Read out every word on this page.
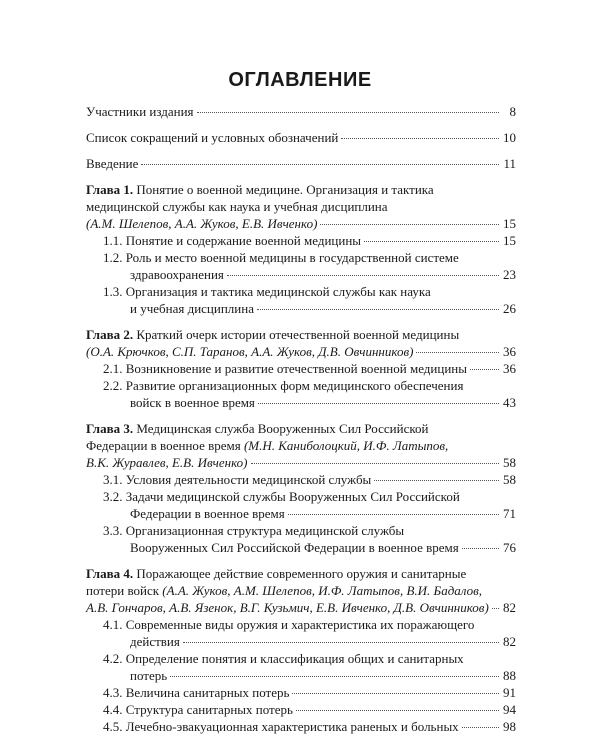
ОГЛАВЛЕНИЕ
Участники издания	8
Список сокращений и условных обозначений	10
Введение	11
Глава 1. Понятие о военной медицине. Организация и тактика
медицинской службы как наука и учебная дисциплина
(А.М. Шелепов, А.А. Жуков, Е.В. Ивченко)	15
1.1. Понятие и содержание военной медицины	15
1.2. Роль и место военной медицины в государственной системе
здравоохранения	23
1.3. Организация и тактика медицинской службы как наука
и учебная дисциплина	26
Глава 2. Краткий очерк истории отечественной военной медицины
(О.А. Крючков, С.П. Таранов, А.А. Жуков, Д.В. Овчинников)	36
2.1. Возникновение и развитие отечественной военной медицины	36
2.2. Развитие организационных форм медицинского обеспечения
войск в военное время	43
Глава 3. Медицинская служба Вооруженных Сил Российской
Федерации в военное время (М.Н. Каниболоцкий, И.Ф. Латыпов,
В.К. Журавлев, Е.В. Ивченко)	58
3.1. Условия деятельности медицинской службы	58
3.2. Задачи медицинской службы Вооруженных Сил Российской
Федерации в военное время	71
3.3. Организационная структура медицинской службы
Вооруженных Сил Российской Федерации в военное время	76
Глава 4. Поражающее действие современного оружия и санитарные
потери войск (А.А. Жуков, А.М. Шелепов, И.Ф. Латыпов, В.И. Бадалов,
А.В. Гончаров, А.В. Язенок, В.Г. Кузьмич, Е.В. Ивченко, Д.В. Овчинников) 82
4.1. Современные виды оружия и характеристика их поражающего
действия	82
4.2. Определение понятия и классификация общих и санитарных
потерь	88
4.3. Величина санитарных потерь	91
4.4. Структура санитарных потерь	94
4.5. Лечебно-эвакуационная характеристика раненых и больных	98
